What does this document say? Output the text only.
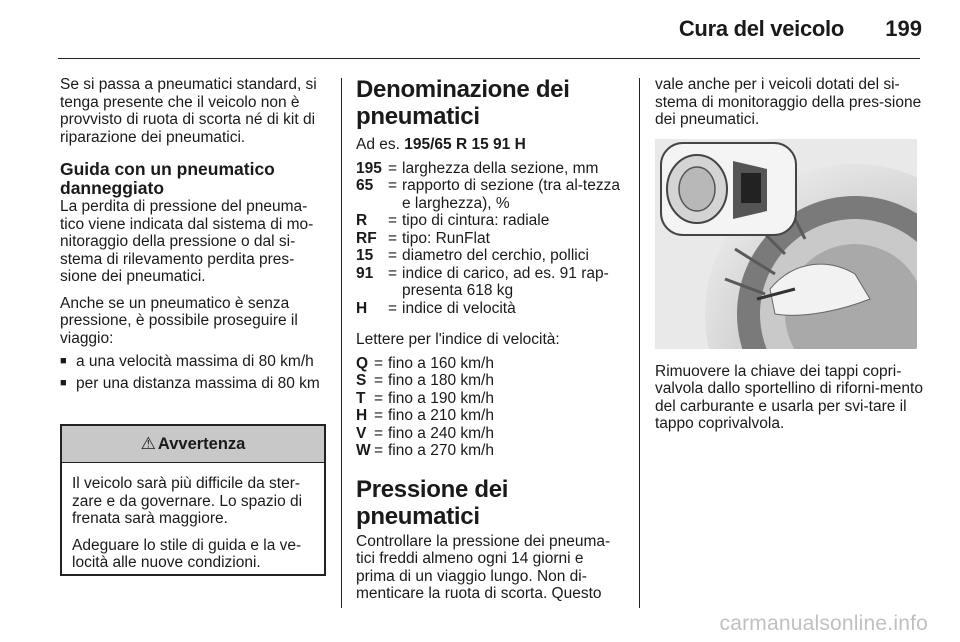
Cura del veicolo 199

Se si passa a pneumatici standard, si tenga presente che il veicolo non è provvisto di ruota di scorta né di kit di riparazione dei pneumatici.

Guida con un pneumatico danneggiato

La perdita di pressione del pneuma-tico viene indicata dal sistema di mo-nitoraggio della pressione o dal si-stema di rilevamento perdita pres-sione dei pneumatici.

Anche se un pneumatico è senza pressione, è possibile proseguire il viaggio:

■ a una velocità massima di 80 km/h
■ per una distanza massima di 80 km
⚠ Avvertenza

Il veicolo sarà più difficile da ster-zare e da governare. Lo spazio di frenata sarà maggiore.

Adeguare lo stile di guida e la ve-locità alle nuove condizioni.

Denominazione dei pneumatici

Ad es. 195/65 R 15 91 H

195 = larghezza della sezione, mm
65 = rapporto di sezione (tra al-tezza e larghezza), %
R	= tipo di cintura: radiale
RF = tipo: RunFlat
15 = diametro del cerchio, pollici
91 = indice di carico, ad es. 91 rap-presenta 618 kg
H	= indice di velocità

Lettere per l'indice di velocità:

Q = fino a 160 km/h
S = fino a 180 km/h
T = fino a 190 km/h
H = fino a 210 km/h
V = fino a 240 km/h
W = fino a 270 km/h
Pressione dei pneumatici

Controllare la pressione dei pneuma-tici freddi almeno ogni 14 giorni e prima di un viaggio lungo. Non di-menticare la ruota di scorta. Questo

vale anche per i veicoli dotati del si-stema di monitoraggio della pres-sione dei pneumatici.

Rimuovere la chiave dei tappi copri-valvola dallo sportellino di riforni-mento del carburante e usarla per svi-tare il tappo coprivalvola.

carmanualsonline.info
